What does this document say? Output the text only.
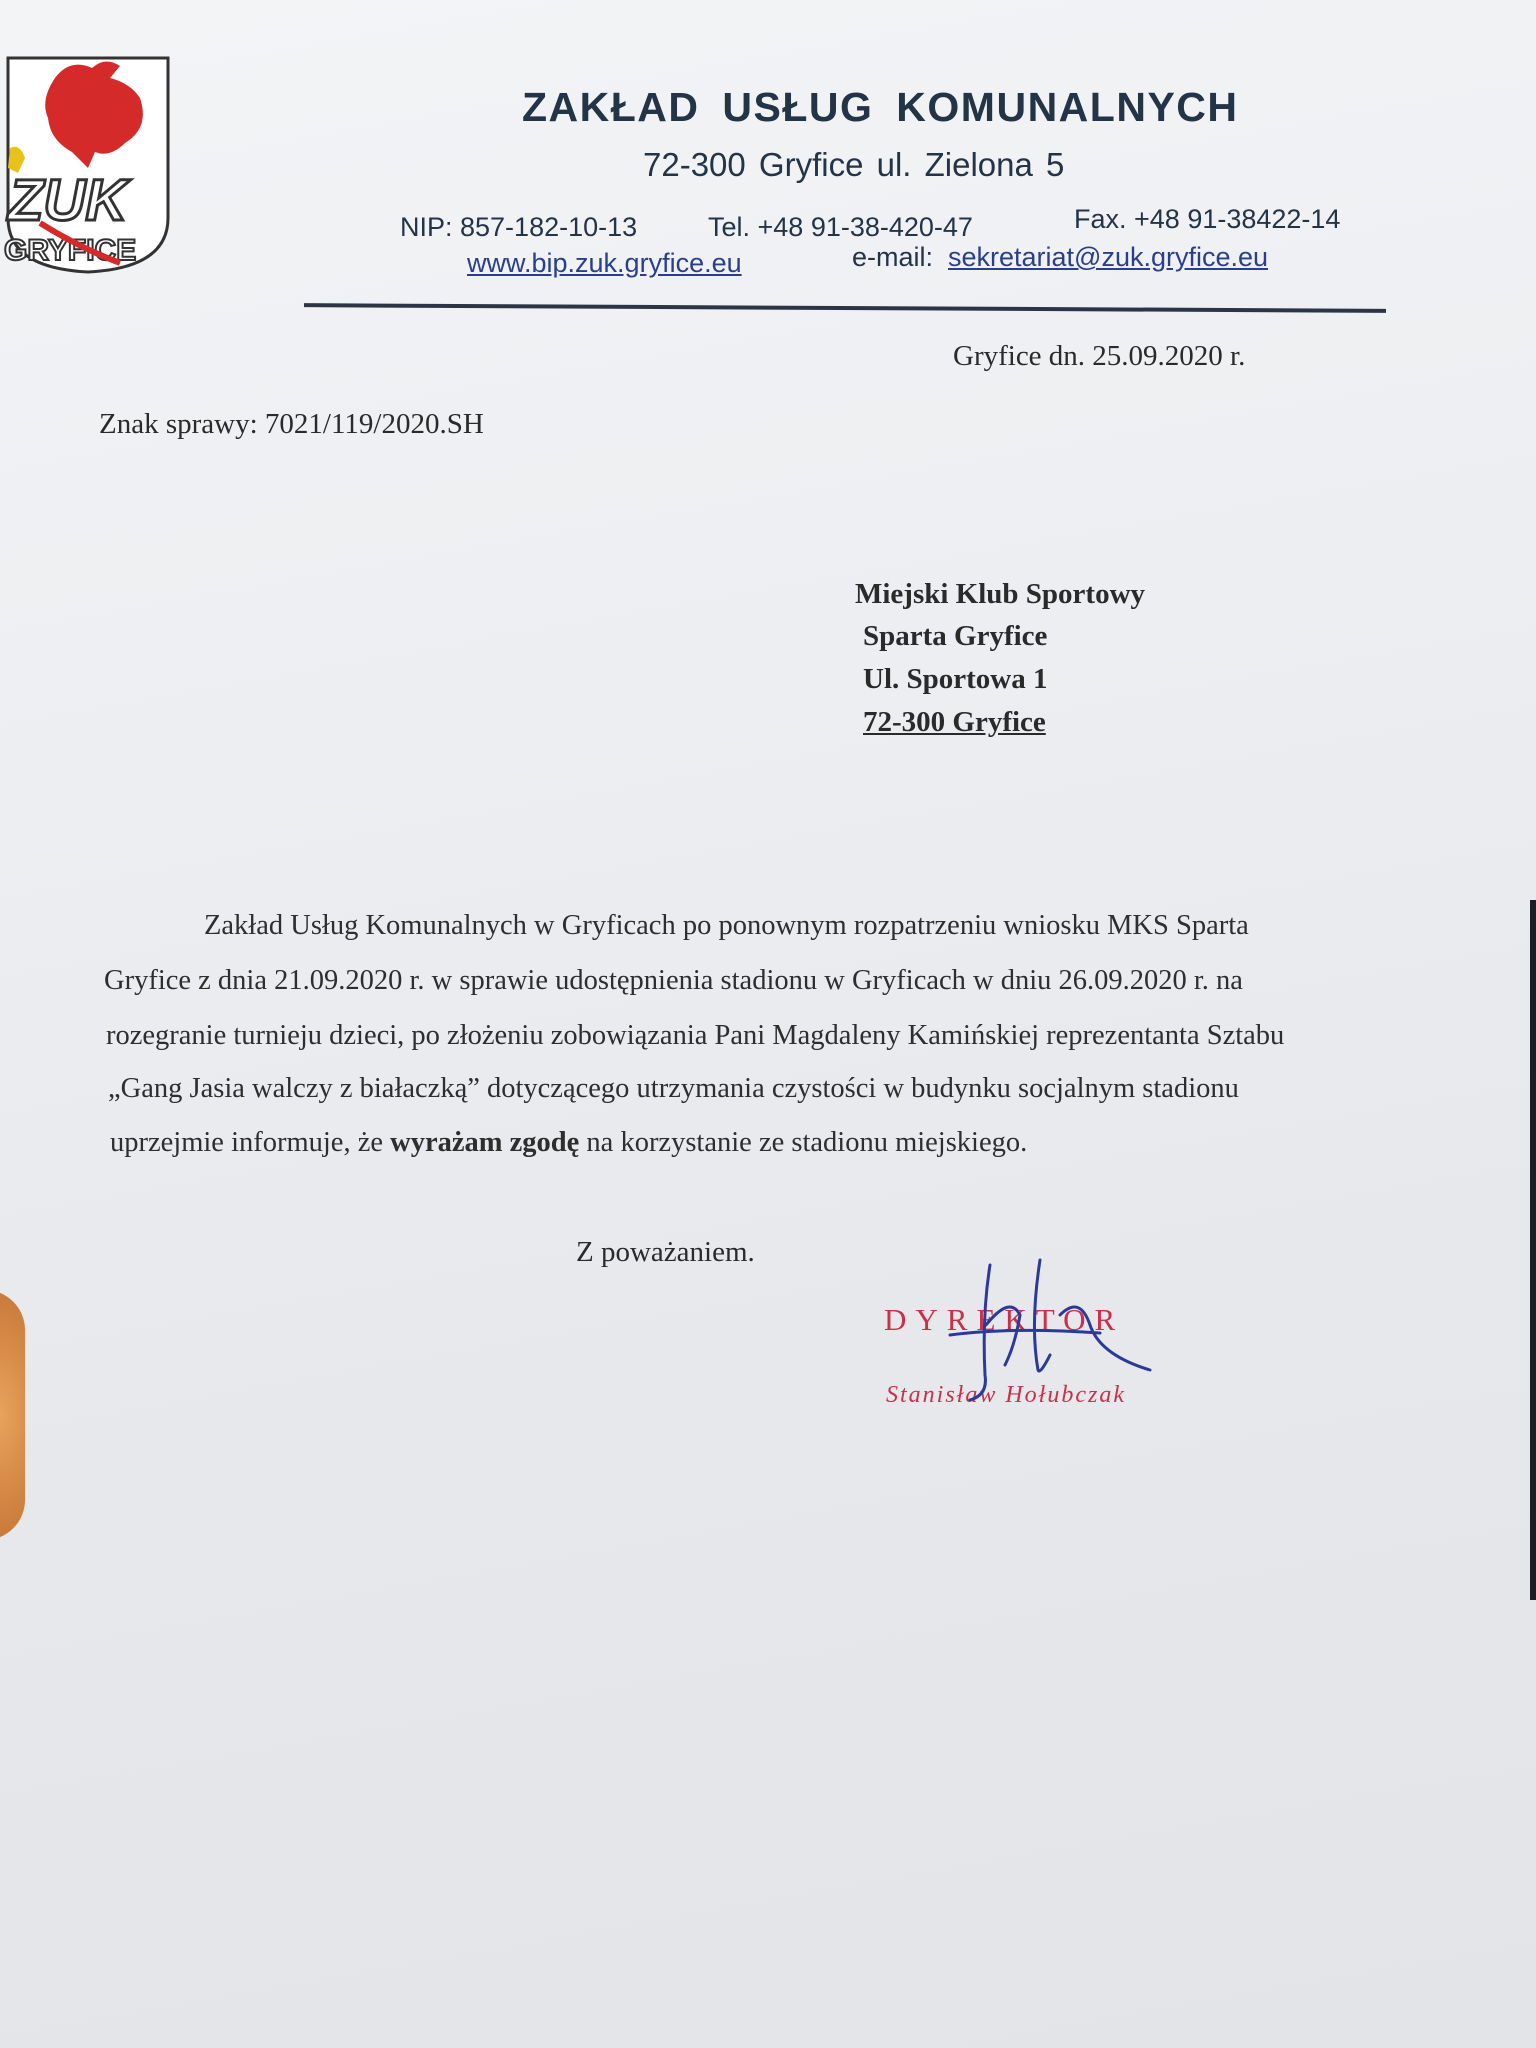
ZUK
GRYFICE
ZAKŁAD USŁUG KOMUNALNYCH
72-300 Gryfice ul. Zielona 5
NIP: 857-182-10-13	Tel. +48 91-38-420-47	Fax. +48 91-38422-14
www.bip.zuk.gryfice.eu	e-mail: sekretariat@zuk.gryfice.eu
Gryfice dn. 25.09.2020 r.
Znak sprawy: 7021/119/2020.SH
Miejski Klub Sportowy
Sparta Gryfice
Ul. Sportowa 1
72-300 Gryfice
Zakład Usług Komunalnych w Gryficach po ponownym rozpatrzeniu wniosku MKS Sparta
Gryfice z dnia 21.09.2020 r. w sprawie udostępnienia stadionu w Gryficach w dniu 26.09.2020 r. na
rozegranie turnieju dzieci, po złożeniu zobowiązania Pani Magdaleny Kamińskiej reprezentanta Sztabu
„Gang Jasia walczy z białaczką” dotyczącego utrzymania czystości w budynku socjalnym stadionu
uprzejmie informuje, że wyrażam zgodę na korzystanie ze stadionu miejskiego.
Z poważaniem.
DYREKTOR
Stanisław Hołubczak
